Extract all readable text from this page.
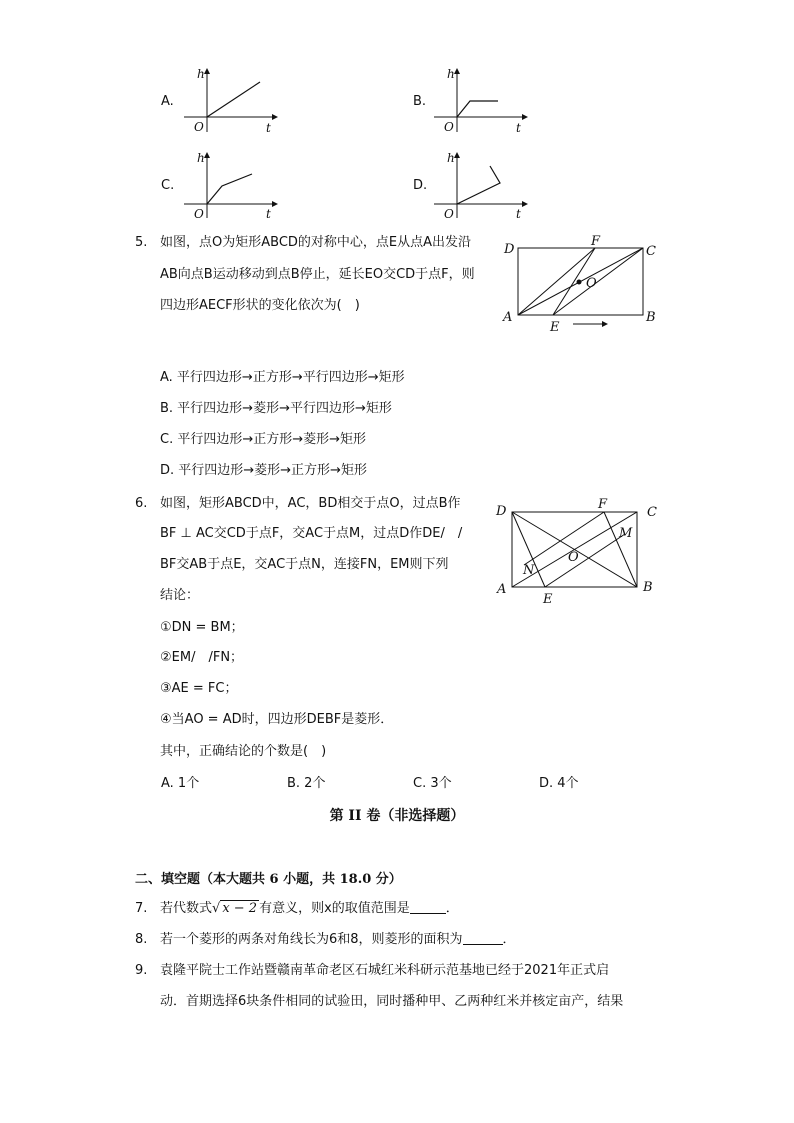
A.
h
t
O
B.
h
t
O
C.
h
t
O
D.
h
t
O
5. 如图，点O为矩形ABCD的对称中心，点E从点A出发沿
AB向点B运动移动到点B停止，延长EO交CD于点F，则
四边形AECF形状的变化依次为(　)
D
F
C
O
A
E
B
A. 平行四边形→正方形→平行四边形→矩形
B. 平行四边形→菱形→平行四边形→矩形
C. 平行四边形→正方形→菱形→矩形
D. 平行四边形→菱形→正方形→矩形
6. 如图，矩形ABCD中，AC，BD相交于点O，过点B作
BF ⊥ AC交CD于点F，交AC于点M，过点D作DE/　/
BF交AB于点E，交AC于点N，连接FN，EM则下列
结论：
①DN = BM；
②EM/　/FN；
③AE = FC；
④当AO = AD时，四边形DEBF是菱形．
其中，正确结论的个数是(　)
D	F
C
M
O
N
A
E
B
A. 1个	B. 2个	C. 3个	D. 4个
第 II 卷（非选择题）
二、填空题（本大题共 6 小题，共 18.0 分）
7. 若代数式√ x − 2 有意义，则x的取值范围是	．
8. 若一个菱形的两条对角线长为6和8，则菱形的面积为	．
9. 袁隆平院士工作站暨赣南革命老区石城红米科研示范基地已经于2021年正式启
动．首期选择6块条件相同的试验田，同时播种甲、乙两种红米并核定亩产，结果
